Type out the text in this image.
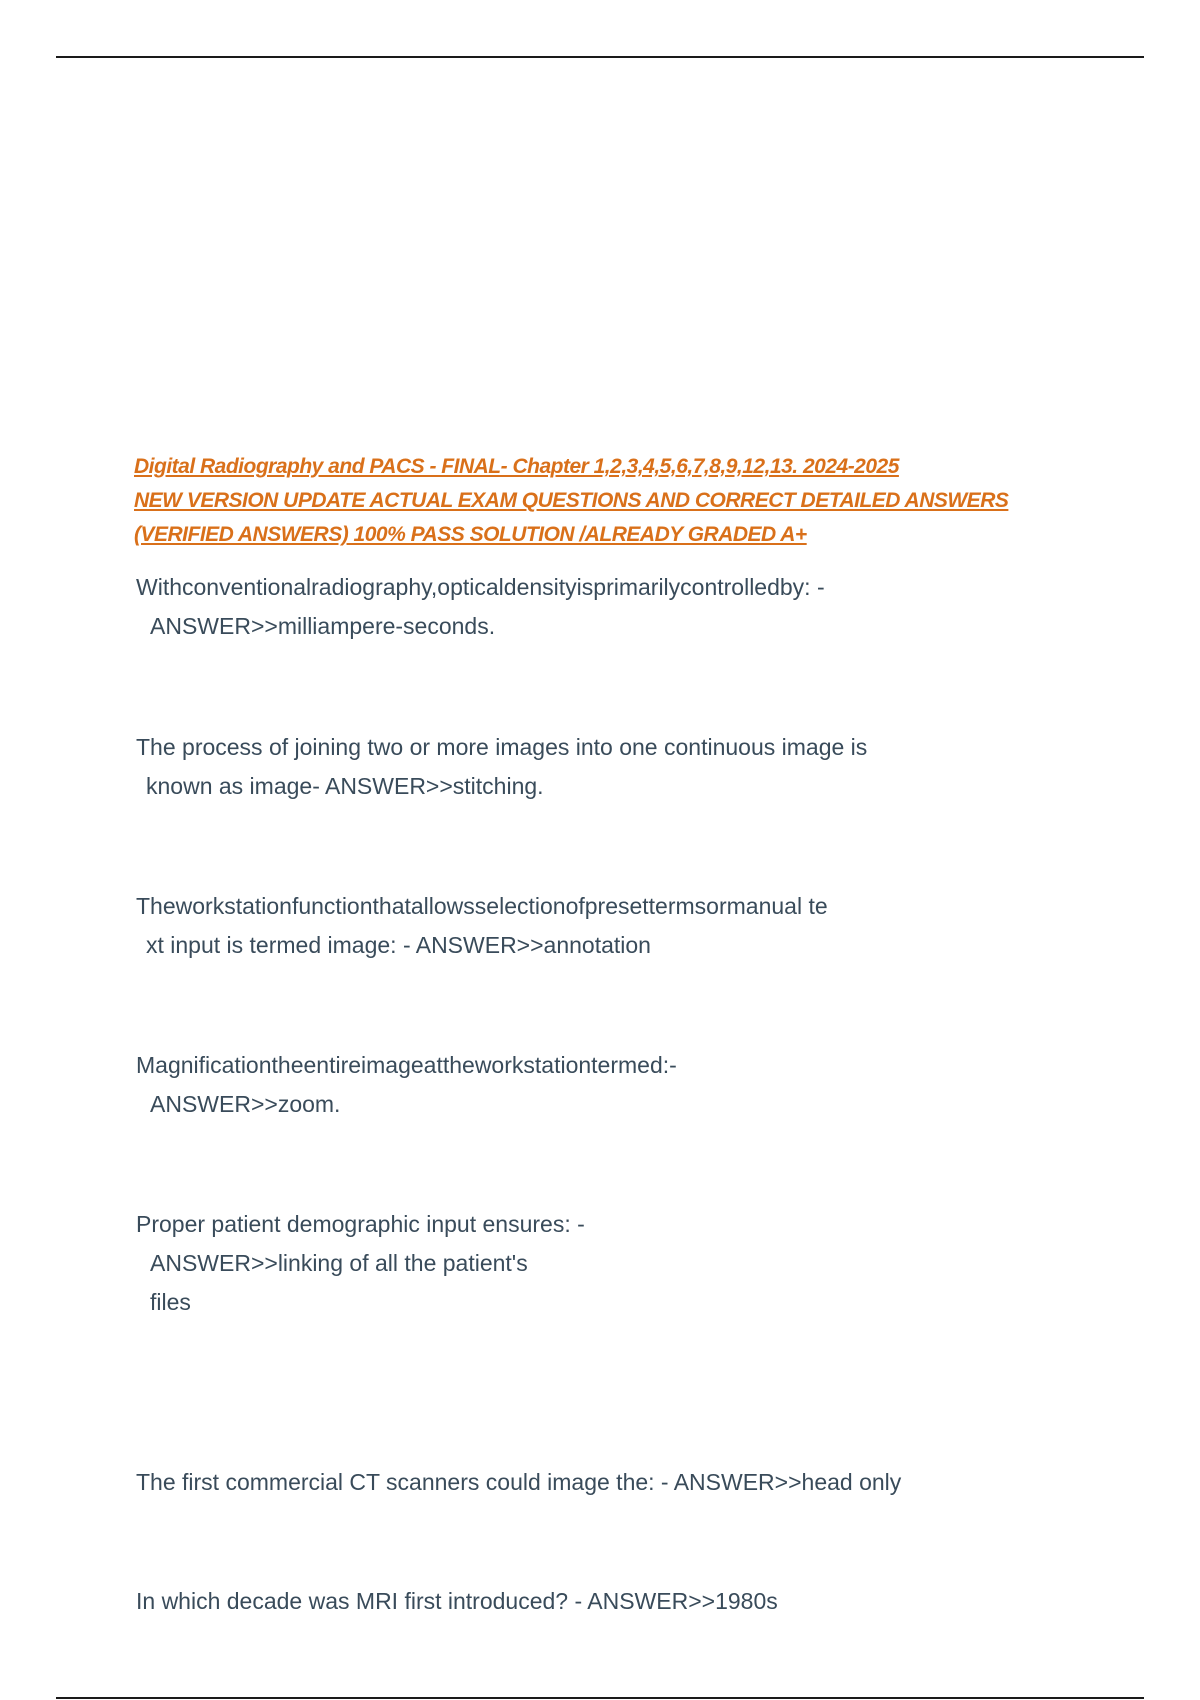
Digital Radiography and PACS - FINAL- Chapter 1,2,3,4,5,6,7,8,9,12,13. 2024-2025
NEW VERSION UPDATE ACTUAL EXAM QUESTIONS AND CORRECT DETAILED ANSWERS
(VERIFIED ANSWERS) 100% PASS SOLUTION /ALREADY GRADED A+
Withconventionalradiography,opticaldensityisprimarilycontrolledby: -
ANSWER>>milliampere-seconds.
The process of joining two or more images into one continuous image is
known as image- ANSWER>>stitching.
Theworkstationfunctionthatallowsselectionofpresettermsormanual te
xt input is termed image: - ANSWER>>annotation
Magnificationtheentireimageattheworkstationtermed:-
ANSWER>>zoom.
Proper patient demographic input ensures: -
ANSWER>>linking of all the patient's
files
The first commercial CT scanners could image the: - ANSWER>>head only
In which decade was MRI first introduced? - ANSWER>>1980s
